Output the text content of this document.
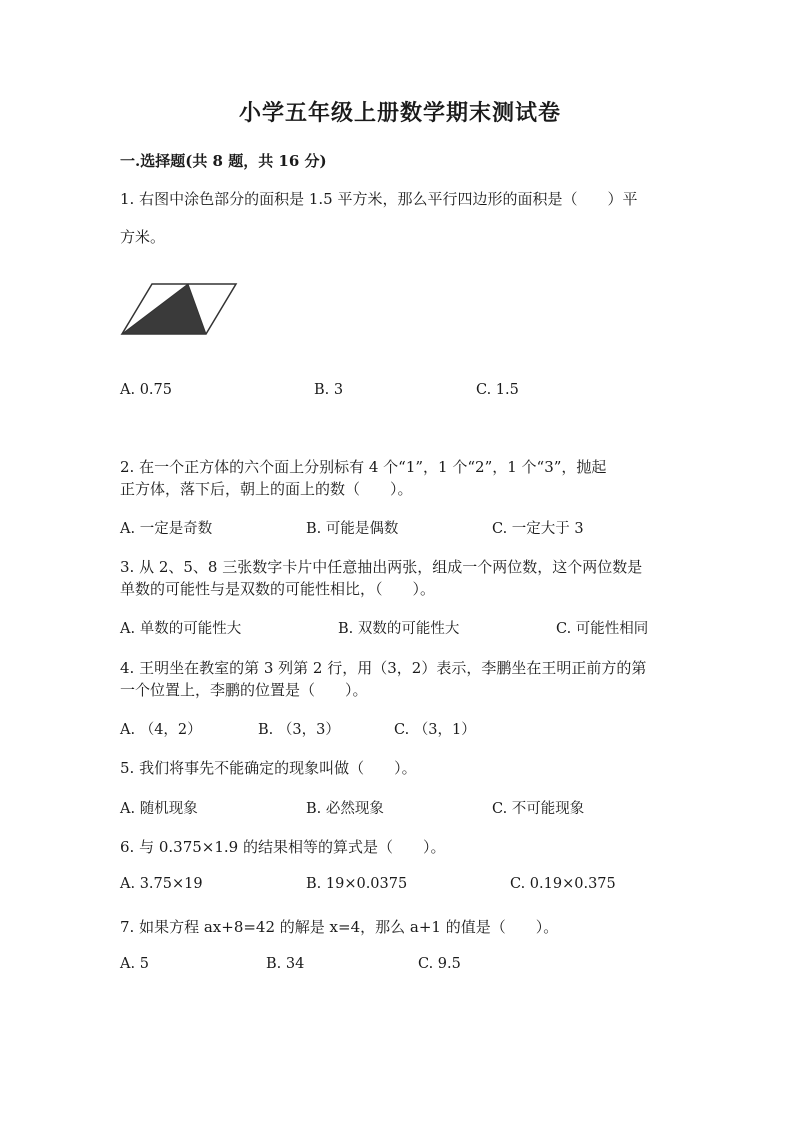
小学五年级上册数学期末测试卷
一.选择题(共 8 题，共 16 分)
1. 右图中涂色部分的面积是 1.5 平方米，那么平行四边形的面积是（　　）平
方米。
A. 0.75	B. 3	C. 1.5
2. 在一个正方体的六个面上分别标有 4 个“1”，1 个“2”，1 个“3”，抛起
正方体，落下后，朝上的面上的数（　　）。
A. 一定是奇数	B. 可能是偶数	C. 一定大于 3
3. 从 2、5、8 三张数字卡片中任意抽出两张，组成一个两位数，这个两位数是
单数的可能性与是双数的可能性相比，（　　）。
A. 单数的可能性大	B. 双数的可能性大	C. 可能性相同
4. 王明坐在教室的第 3 列第 2 行，用（3，2）表示，李鹏坐在王明正前方的第
一个位置上，李鹏的位置是（　　）。
A. （4，2）	B. （3，3）	C. （3，1）
5. 我们将事先不能确定的现象叫做（　　）。
A. 随机现象	B. 必然现象	C. 不可能现象
6. 与 0.375×1.9 的结果相等的算式是（　　）。
A. 3.75×19	B. 19×0.0375	C. 0.19×0.375
7. 如果方程 ax+8=42 的解是 x=4，那么 a+1 的值是（　　）。
A. 5	B. 34	C. 9.5
